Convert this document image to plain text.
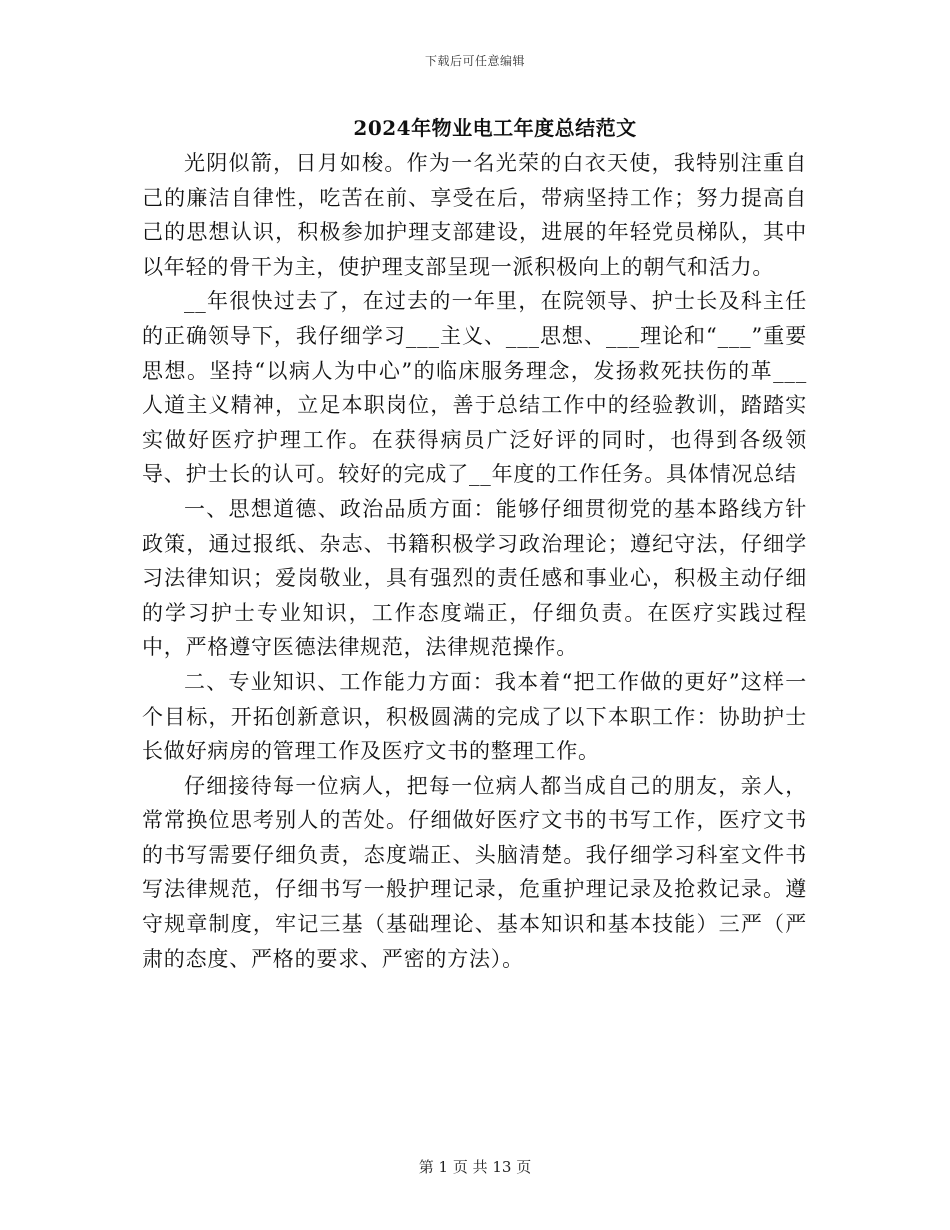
下载后可任意编辑
2024年物业电工年度总结范文

光阴似箭，日月如梭。作为一名光荣的白衣天使，我特别注重自己的廉洁自律性，吃苦在前、享受在后，带病坚持工作；努力提高自己的思想认识，积极参加护理支部建设，进展的年轻党员梯队，其中以年轻的骨干为主，使护理支部呈现一派积极向上的朝气和活力。

__年很快过去了，在过去的一年里，在院领导、护士长及科主任的正确领导下，我仔细学习___主义、___思想、___理论和“___”重要思想。坚持“以病人为中心”的临床服务理念，发扬救死扶伤的革___人道主义精神，立足本职岗位，善于总结工作中的经验教训，踏踏实实做好医疗护理工作。在获得病员广泛好评的同时，也得到各级领导、护士长的认可。较好的完成了__年度的工作任务。具体情况总结

一、思想道德、政治品质方面：能够仔细贯彻党的基本路线方针政策，通过报纸、杂志、书籍积极学习政治理论；遵纪守法，仔细学习法律知识；爱岗敬业，具有强烈的责任感和事业心，积极主动仔细的学习护士专业知识，工作态度端正，仔细负责。在医疗实践过程中，严格遵守医德法律规范，法律规范操作。

二、专业知识、工作能力方面：我本着“把工作做的更好”这样一个目标，开拓创新意识，积极圆满的完成了以下本职工作：协助护士长做好病房的管理工作及医疗文书的整理工作。

仔细接待每一位病人，把每一位病人都当成自己的朋友，亲人，常常换位思考别人的苦处。仔细做好医疗文书的书写工作，医疗文书的书写需要仔细负责，态度端正、头脑清楚。我仔细学习科室文件书写法律规范，仔细书写一般护理记录，危重护理记录及抢救记录。遵守规章制度，牢记三基（基础理论、基本知识和基本技能）三严（严肃的态度、严格的要求、严密的方法）。

第 1 页 共 13 页
